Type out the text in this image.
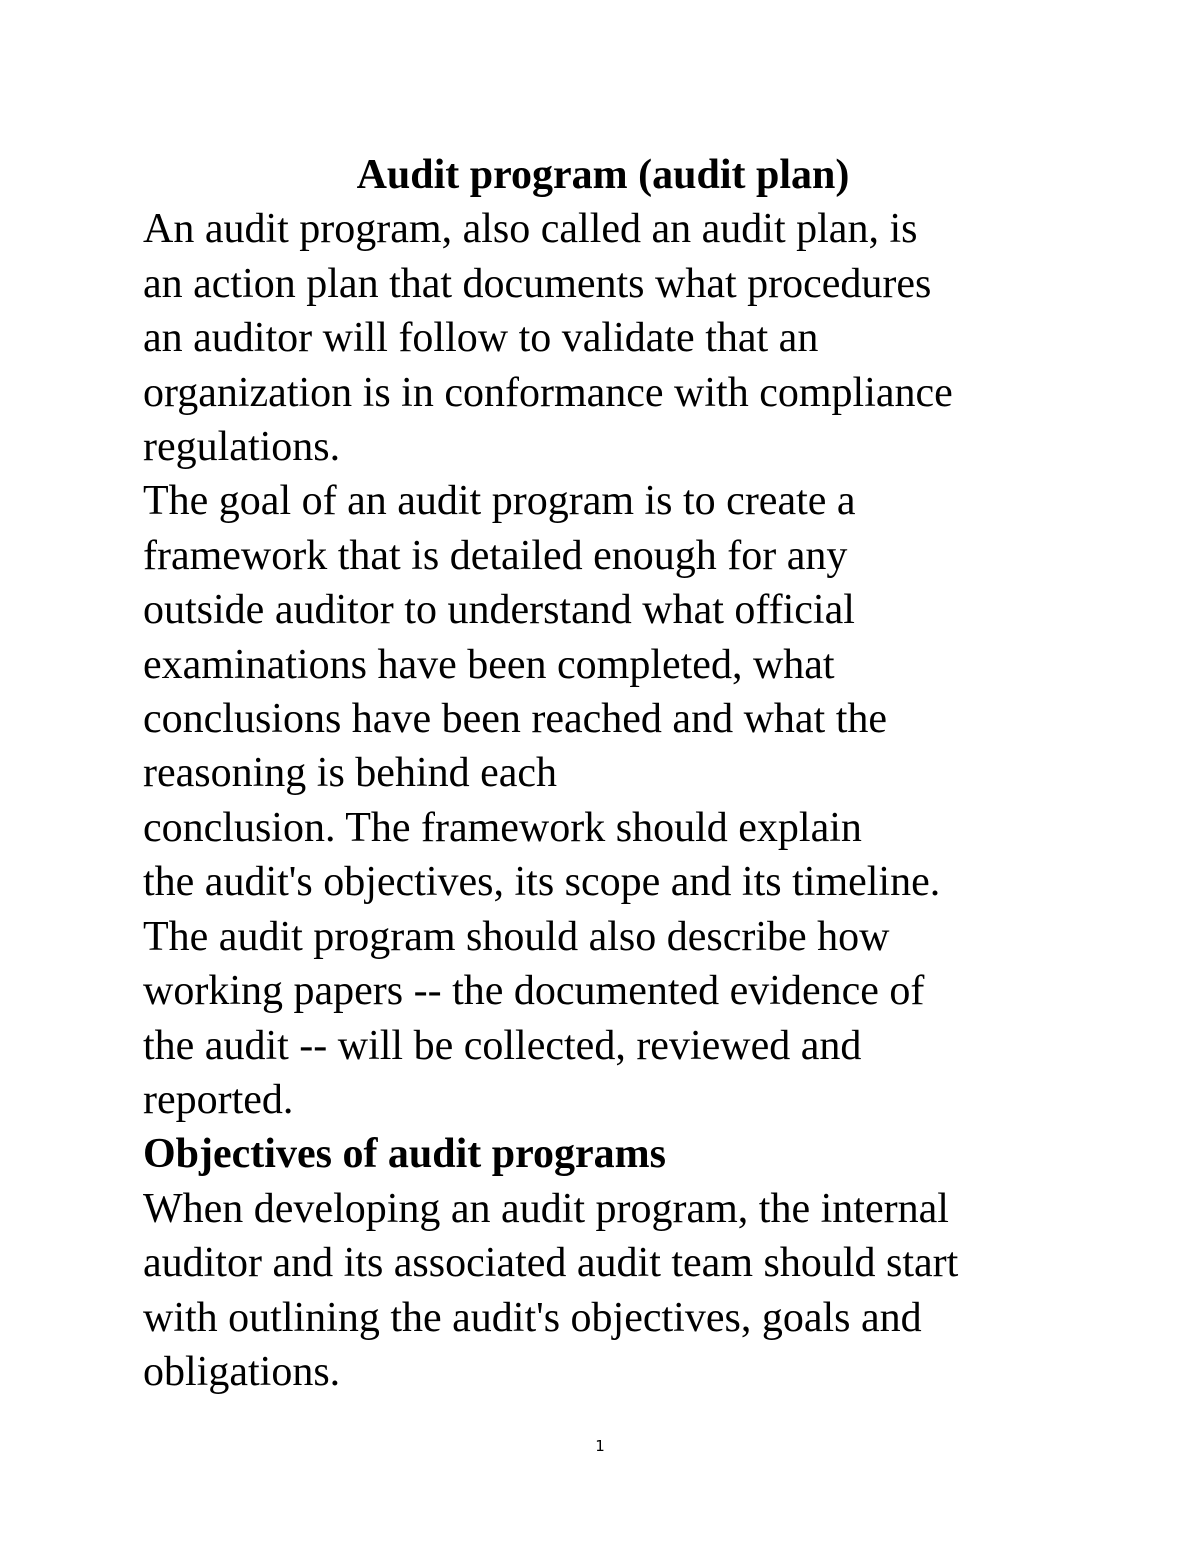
Audit program (audit plan)
An audit program, also called an audit plan, is
an action plan that documents what procedures
an auditor will follow to validate that an
organization is in conformance with compliance
regulations.
The goal of an audit program is to create a
framework that is detailed enough for any
outside auditor to understand what official
examinations have been completed, what
conclusions have been reached and what the
reasoning is behind each
conclusion. The framework should explain
the audit's objectives, its scope and its timeline.
The audit program should also describe how
working papers -- the documented evidence of
the audit -- will be collected, reviewed and
reported.
Objectives of audit programs
When developing an audit program, the internal
auditor and its associated audit team should start
with outlining the audit's objectives, goals and
obligations.
1
